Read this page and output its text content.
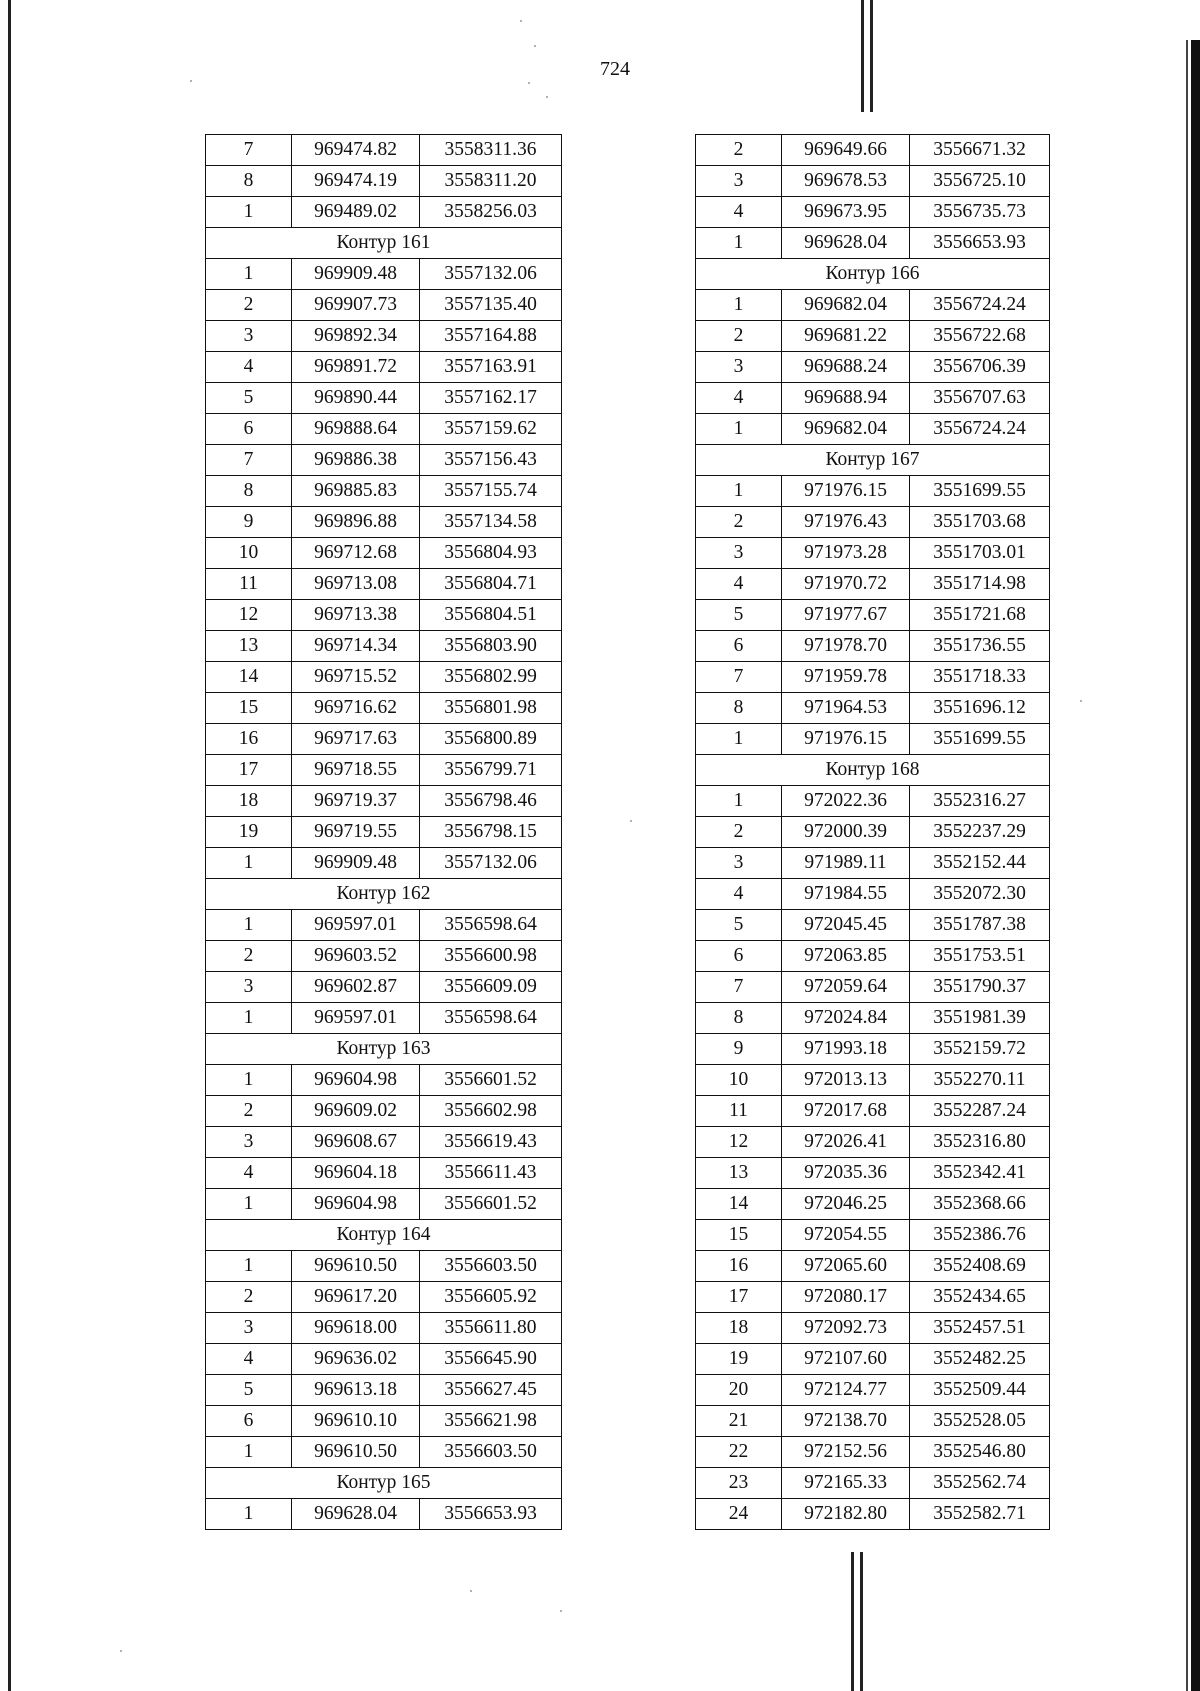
724
7	969474.82	3558311.36
8	969474.19	3558311.20
1	969489.02	3558256.03
Контур 161		
1	969909.48	3557132.06
2	969907.73	3557135.40
3	969892.34	3557164.88
4	969891.72	3557163.91
5	969890.44	3557162.17
6	969888.64	3557159.62
7	969886.38	3557156.43
8	969885.83	3557155.74
9	969896.88	3557134.58
10	969712.68	3556804.93
11	969713.08	3556804.71
12	969713.38	3556804.51
13	969714.34	3556803.90
14	969715.52	3556802.99
15	969716.62	3556801.98
16	969717.63	3556800.89
17	969718.55	3556799.71
18	969719.37	3556798.46
19	969719.55	3556798.15
1	969909.48	3557132.06
Контур 162		
1	969597.01	3556598.64
2	969603.52	3556600.98
3	969602.87	3556609.09
1	969597.01	3556598.64
Контур 163		
1	969604.98	3556601.52
2	969609.02	3556602.98
3	969608.67	3556619.43
4	969604.18	3556611.43
1	969604.98	3556601.52
Контур 164		
1	969610.50	3556603.50
2	969617.20	3556605.92
3	969618.00	3556611.80
4	969636.02	3556645.90
5	969613.18	3556627.45
6	969610.10	3556621.98
1	969610.50	3556603.50
Контур 165		
1	969628.04	3556653.93
2	969649.66	3556671.32
3	969678.53	3556725.10
4	969673.95	3556735.73
1	969628.04	3556653.93
Контур 166		
1	969682.04	3556724.24
2	969681.22	3556722.68
3	969688.24	3556706.39
4	969688.94	3556707.63
1	969682.04	3556724.24
Контур 167		
1	971976.15	3551699.55
2	971976.43	3551703.68
3	971973.28	3551703.01
4	971970.72	3551714.98
5	971977.67	3551721.68
6	971978.70	3551736.55
7	971959.78	3551718.33
8	971964.53	3551696.12
1	971976.15	3551699.55
Контур 168		
1	972022.36	3552316.27
2	972000.39	3552237.29
3	971989.11	3552152.44
4	971984.55	3552072.30
5	972045.45	3551787.38
6	972063.85	3551753.51
7	972059.64	3551790.37
8	972024.84	3551981.39
9	971993.18	3552159.72
10	972013.13	3552270.11
11	972017.68	3552287.24
12	972026.41	3552316.80
13	972035.36	3552342.41
14	972046.25	3552368.66
15	972054.55	3552386.76
16	972065.60	3552408.69
17	972080.17	3552434.65
18	972092.73	3552457.51
19	972107.60	3552482.25
20	972124.77	3552509.44
21	972138.70	3552528.05
22	972152.56	3552546.80
23	972165.33	3552562.74
24	972182.80	3552582.71
